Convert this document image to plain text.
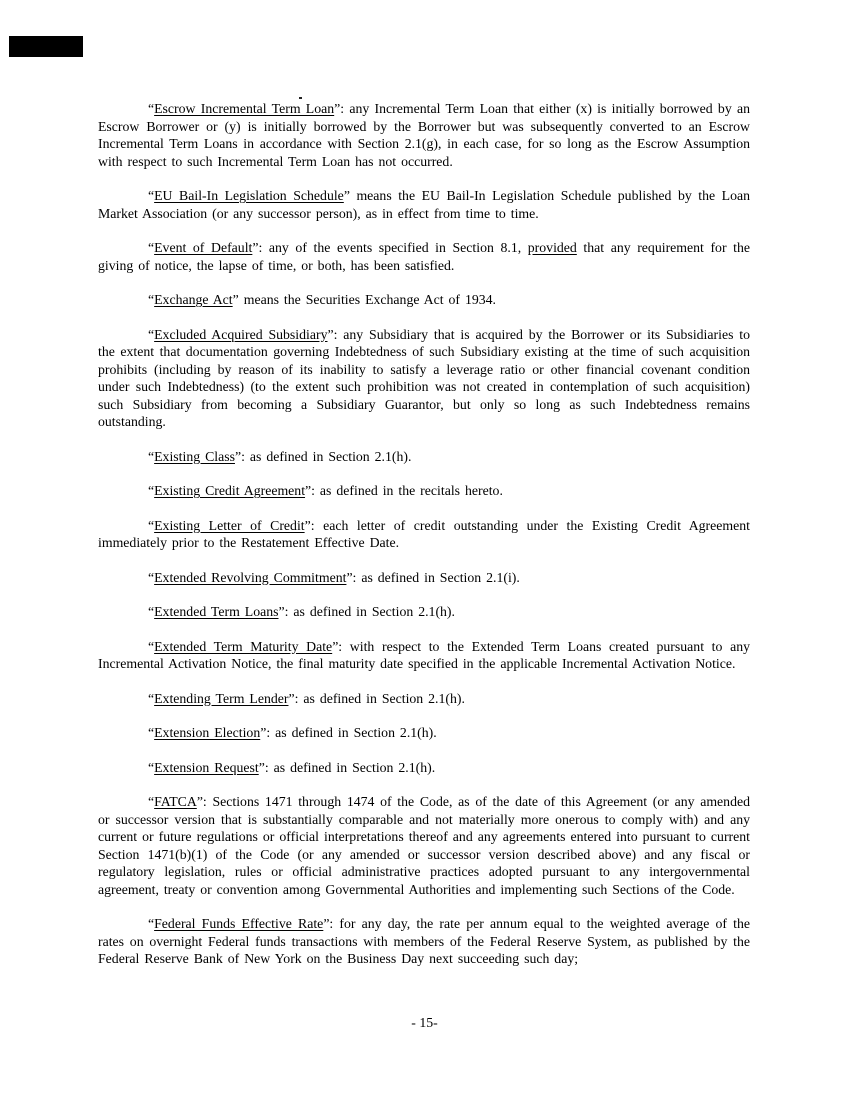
“Escrow Incremental Term Loan”: any Incremental Term Loan that either (x) is initially borrowed by an Escrow Borrower or (y) is initially borrowed by the Borrower but was subsequently converted to an Escrow Incremental Term Loans in accordance with Section 2.1(g), in each case, for so long as the Escrow Assumption with respect to such Incremental Term Loan has not occurred.

“EU Bail-In Legislation Schedule” means the EU Bail-In Legislation Schedule published by the Loan Market Association (or any successor person), as in effect from time to time.

“Event of Default”: any of the events specified in Section 8.1, provided that any requirement for the giving of notice, the lapse of time, or both, has been satisfied.

“Exchange Act” means the Securities Exchange Act of 1934.

“Excluded Acquired Subsidiary”: any Subsidiary that is acquired by the Borrower or its Subsidiaries to the extent that documentation governing Indebtedness of such Subsidiary existing at the time of such acquisition prohibits (including by reason of its inability to satisfy a leverage ratio or other financial covenant condition under such Indebtedness) (to the extent such prohibition was not created in contemplation of such acquisition) such Subsidiary from becoming a Subsidiary Guarantor, but only so long as such Indebtedness remains outstanding.

“Existing Class”: as defined in Section 2.1(h).

“Existing Credit Agreement”: as defined in the recitals hereto.

“Existing Letter of Credit”: each letter of credit outstanding under the Existing Credit Agreement immediately prior to the Restatement Effective Date.

“Extended Revolving Commitment”: as defined in Section 2.1(i).

“Extended Term Loans”: as defined in Section 2.1(h).

“Extended Term Maturity Date”: with respect to the Extended Term Loans created pursuant to any Incremental Activation Notice, the final maturity date specified in the applicable Incremental Activation Notice.

“Extending Term Lender”: as defined in Section 2.1(h).

“Extension Election”: as defined in Section 2.1(h).

“Extension Request”: as defined in Section 2.1(h).

“FATCA”: Sections 1471 through 1474 of the Code, as of the date of this Agreement (or any amended or successor version that is substantially comparable and not materially more onerous to comply with) and any current or future regulations or official interpretations thereof and any agreements entered into pursuant to current Section 1471(b)(1) of the Code (or any amended or successor version described above) and any fiscal or regulatory legislation, rules or official administrative practices adopted pursuant to any intergovernmental agreement, treaty or convention among Governmental Authorities and implementing such Sections of the Code.

“Federal Funds Effective Rate”: for any day, the rate per annum equal to the weighted average of the rates on overnight Federal funds transactions with members of the Federal Reserve System, as published by the Federal Reserve Bank of New York on the Business Day next succeeding such day;

- 15-
